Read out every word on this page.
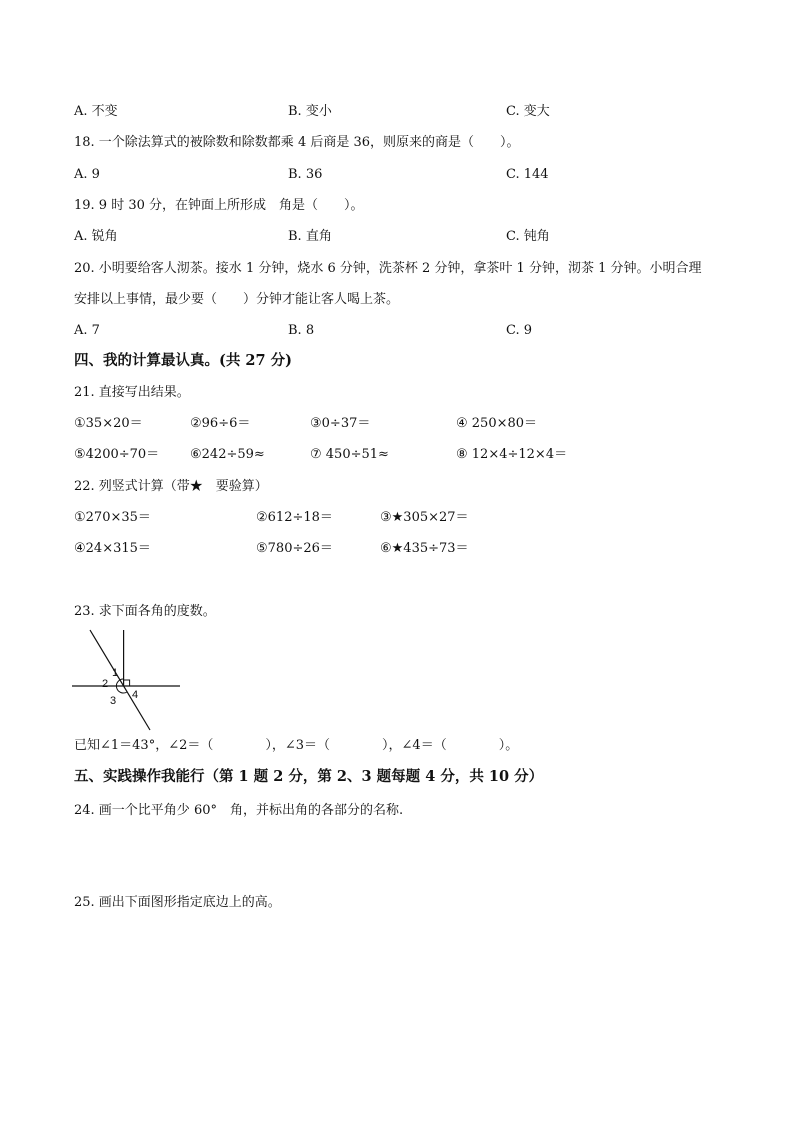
A. 不变	B. 变小	C. 变大
18. 一个除法算式的被除数和除数都乘 4 后商是 36，则原来的商是（　　）。
A. 9	B. 36	C. 144
19. 9 时 30 分，在钟面上所形成　角是（　　）。
A. 锐角	B. 直角	C. 钝角
20. 小明要给客人沏茶。接水 1 分钟，烧水 6 分钟，洗茶杯 2 分钟，拿茶叶 1 分钟，沏茶 1 分钟。小明合理
安排以上事情，最少要（　　）分钟才能让客人喝上茶。
A. 7	B. 8	C. 9
四、我的计算最认真。(共 27 分)
21. 直接写出结果。
①35×20＝	②96÷6＝	③0÷37＝	④ 250×80＝
⑤4200÷70＝ ⑥242÷59≈	⑦ 450÷51≈	⑧ 12×4÷12×4＝
22. 列竖式计算（带★　要验算）
①270×35＝	②612÷18＝	③★305×27＝
④24×315＝	⑤780÷26＝	⑥★435÷73＝
23. 求下面各角的度数。
1
2
3 4
已知∠1＝43°，∠2＝（　　　　），∠3＝（　　　　），∠4＝（　　　　）。
五、实践操作我能行（第 1 题 2 分，第 2、3 题每题 4 分，共 10 分）
24. 画一个比平角少 60°　角，并标出角的各部分的名称.
25. 画出下面图形指定底边上的高。
